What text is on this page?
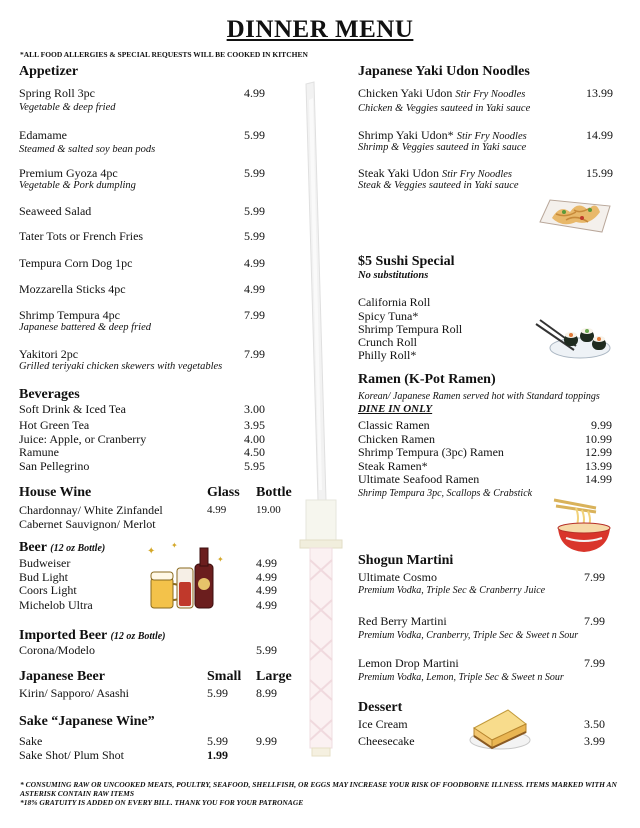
DINNER MENU
*ALL FOOD ALLERGIES & SPECIAL REQUESTS WILL BE COOKED IN KITCHEN
Appetizer
Spring Roll 3pc	4.99
Vegetable & deep fried
Edamame	5.99
Steamed & salted soy bean pods
Premium Gyoza 4pc	5.99
Vegetable & Pork dumpling
Seaweed Salad	5.99
Tater Tots or French Fries	5.99
Tempura Corn Dog 1pc	4.99
Mozzarella Sticks 4pc	4.99
Shrimp Tempura 4pc	7.99
Japanese battered & deep fried
Yakitori 2pc	7.99
Grilled teriyaki chicken skewers with vegetables
Beverages
Soft Drink & Iced Tea	3.00
Hot Green Tea	3.95
Juice: Apple, or Cranberry	4.00
Ramune	4.50
San Pellegrino	5.95
House Wine	Glass Bottle
Chardonnay/ White Zinfandel	4.99	19.00
Cabernet Sauvignon/ Merlot
Beer (12 oz Bottle)
Budweiser	4.99
Bud Light	4.99
Coors Light	4.99
Michelob Ultra	4.99
Imported Beer (12 oz Bottle)
Corona/Modelo	5.99
Japanese Beer	Small Large
Kirin/ Sapporo/ Asashi	5.99 8.99
Sake “Japanese Wine”
Sake	5.99 9.99
Sake Shot/ Plum Shot	1.99
✦
✦
✦
Japanese Yaki Udon Noodles
Chicken Yaki Udon Stir Fry Noodles	13.99
Chicken & Veggies sauteed in Yaki sauce
Shrimp Yaki Udon* Stir Fry Noodles	14.99
Shrimp & Veggies sauteed in Yaki sauce
Steak Yaki Udon Stir Fry Noodles	15.99
Steak & Veggies sauteed in Yaki sauce
$5 Sushi Special
No substitutions
California Roll
Spicy Tuna*
Shrimp Tempura Roll
Crunch Roll
Philly Roll*
Ramen (K-Pot Ramen)
Korean/ Japanese Ramen served hot with Standard toppings
DINE IN ONLY
Classic Ramen	9.99
Chicken Ramen	10.99
Shrimp Tempura (3pc) Ramen	12.99
Steak Ramen*	13.99
Ultimate Seafood Ramen	14.99
Shrimp Tempura 3pc, Scallops & Crabstick
Shogun Martini
Ultimate Cosmo	7.99
Premium Vodka, Triple Sec & Cranberry Juice
Red Berry Martini	7.99
Premium Vodka, Cranberry, Triple Sec & Sweet n Sour
Lemon Drop Martini	7.99
Premium Vodka, Lemon, Triple Sec & Sweet n Sour
Dessert
Ice Cream	3.50
Cheesecake	3.99
* CONSUMING RAW OR UNCOOKED MEATS, POULTRY, SEAFOOD, SHELLFISH, OR EGGS MAY INCREASE YOUR RISK OF FOODBORNE ILLNESS. ITEMS MARKED WITH AN ASTERISK CONTAIN RAW ITEMS
*18% GRATUITY IS ADDED ON EVERY BILL. THANK YOU FOR YOUR PATRONAGE
